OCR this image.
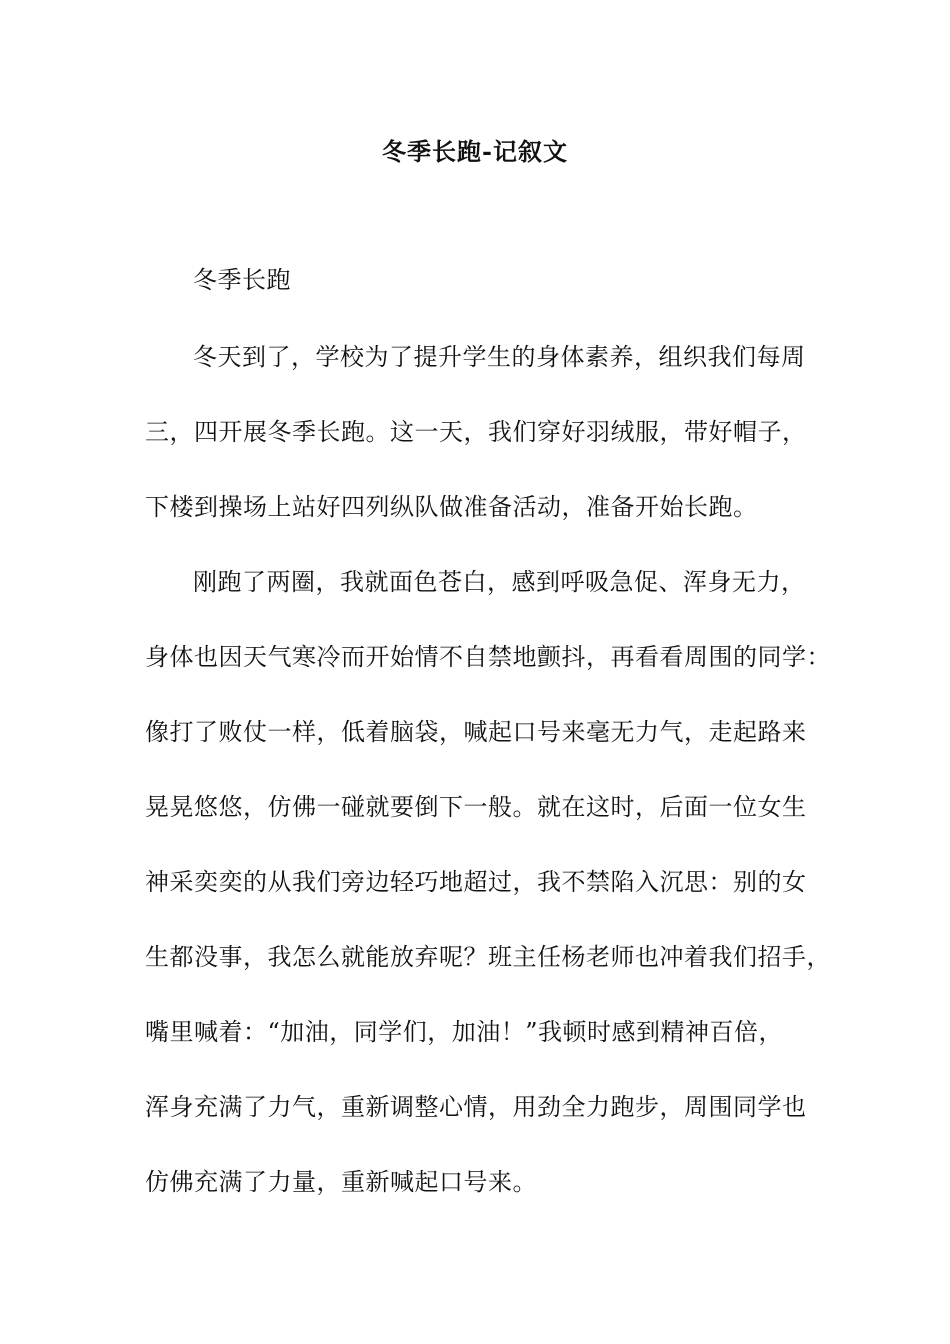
冬季长跑-记叙文
冬季长跑
冬天到了，学校为了提升学生的身体素养，组织我们每周
三，四开展冬季长跑。这一天，我们穿好羽绒服，带好帽子，
下楼到操场上站好四列纵队做准备活动，准备开始长跑。
刚跑了两圈，我就面色苍白，感到呼吸急促、浑身无力，
身体也因天气寒冷而开始情不自禁地颤抖，再看看周围的同学：
像打了败仗一样，低着脑袋，喊起口号来毫无力气，走起路来
晃晃悠悠，仿佛一碰就要倒下一般。就在这时，后面一位女生
神采奕奕的从我们旁边轻巧地超过，我不禁陷入沉思：别的女
生都没事，我怎么就能放弃呢？班主任杨老师也冲着我们招手，
嘴里喊着：“加油，同学们，加油！”我顿时感到精神百倍，
浑身充满了力气，重新调整心情，用劲全力跑步，周围同学也
仿佛充满了力量，重新喊起口号来。
